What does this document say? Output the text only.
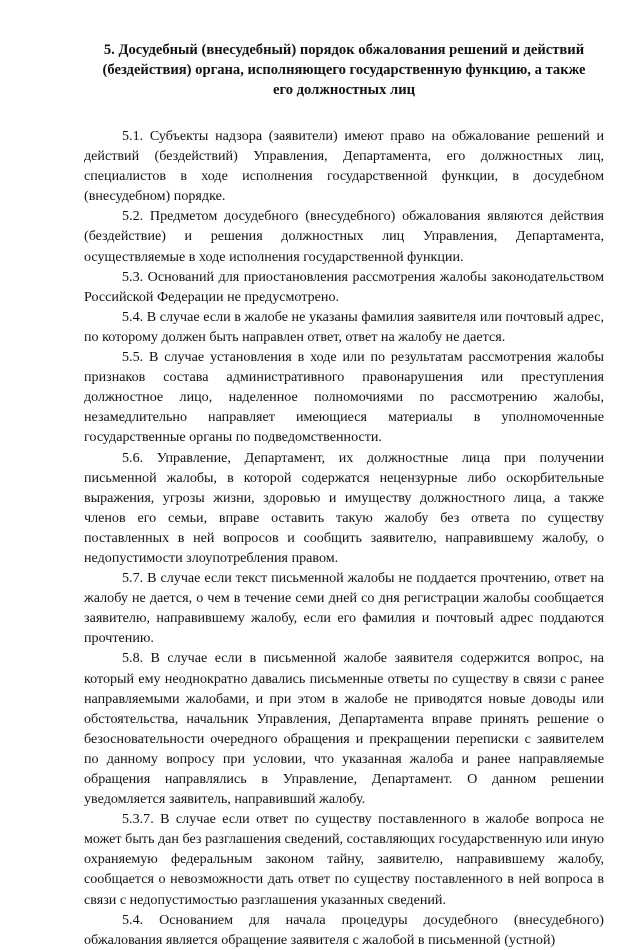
5. Досудебный (внесудебный) порядок обжалования решений и действий
(бездействия) органа, исполняющего государственную функцию, а также
его должностных лиц

5.1. Субъекты надзора (заявители) имеют право на обжалование решений и действий (бездействий) Управления, Департамента, его должностных лиц, специалистов в ходе исполнения государственной функции, в досудебном (внесудебном) порядке.

5.2. Предметом досудебного (внесудебного) обжалования являются действия (бездействие) и решения должностных лиц Управления, Департамента, осуществляемые в ходе исполнения государственной функции.

5.3. Оснований для приостановления рассмотрения жалобы законодательством Российской Федерации не предусмотрено.

5.4. В случае если в жалобе не указаны фамилия заявителя или почтовый адрес, по которому должен быть направлен ответ, ответ на жалобу не дается.

5.5. В случае установления в ходе или по результатам рассмотрения жалобы признаков состава административного правонарушения или преступления должностное лицо, наделенное полномочиями по рассмотрению жалобы, незамедлительно направляет имеющиеся материалы в уполномоченные государственные органы по подведомственности.

5.6. Управление, Департамент, их должностные лица при получении письменной жалобы, в которой содержатся нецензурные либо оскорбительные выражения, угрозы жизни, здоровью и имуществу должностного лица, а также членов его семьи, вправе оставить такую жалобу без ответа по существу поставленных в ней вопросов и сообщить заявителю, направившему жалобу, о недопустимости злоупотребления правом.

5.7. В случае если текст письменной жалобы не поддается прочтению, ответ на жалобу не дается, о чем в течение семи дней со дня регистрации жалобы сообщается заявителю, направившему жалобу, если его фамилия и почтовый адрес поддаются прочтению.

5.8. В случае если в письменной жалобе заявителя содержится вопрос, на который ему неоднократно давались письменные ответы по существу в связи с ранее направляемыми жалобами, и при этом в жалобе не приводятся новые доводы или обстоятельства, начальник Управления, Департамента вправе принять решение о безосновательности очередного обращения и прекращении переписки с заявителем по данному вопросу при условии, что указанная жалоба и ранее направляемые обращения направлялись в Управление, Департамент. О данном решении уведомляется заявитель, направивший жалобу.

5.3.7. В случае если ответ по существу поставленного в жалобе вопроса не может быть дан без разглашения сведений, составляющих государственную или иную охраняемую федеральным законом тайну, заявителю, направившему жалобу, сообщается о невозможности дать ответ по существу поставленного в ней вопроса в связи с недопустимостью разглашения указанных сведений.

5.4. Основанием для начала процедуры досудебного (внесудебного) обжалования является обращение заявителя с жалобой в письменной (устной)
